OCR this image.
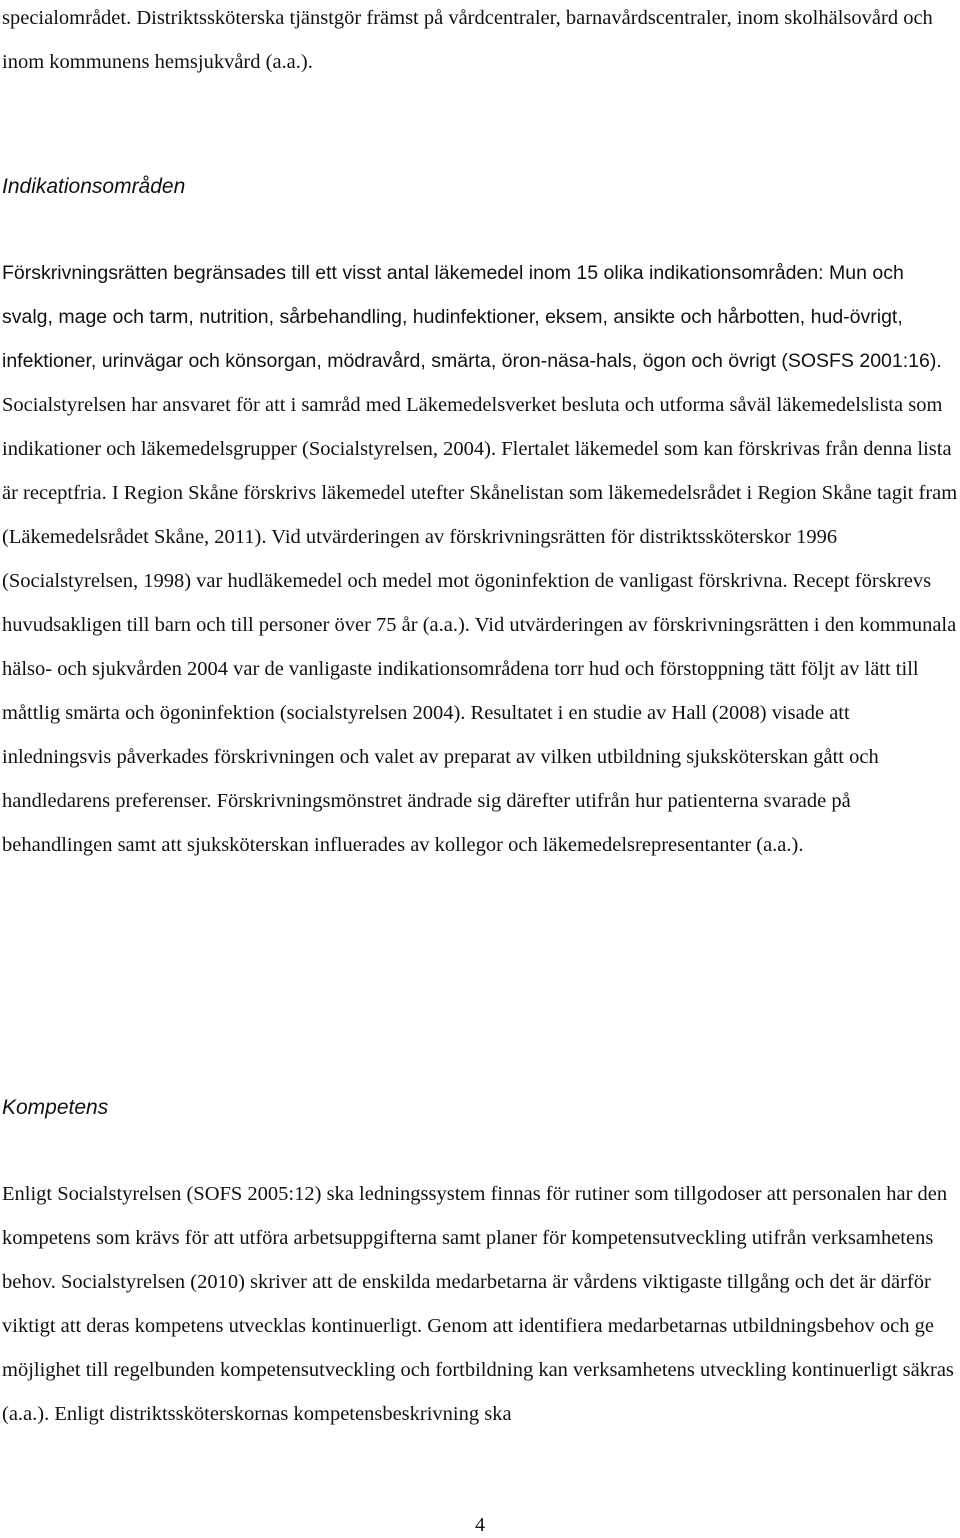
specialområdet. Distriktssköterska tjänstgör främst på vårdcentraler, barnavårdscentraler, inom skolhälsovård och inom kommunens hemsjukvård (a.a.).

Indikationsområden

Förskrivningsrätten begränsades till ett visst antal läkemedel inom 15 olika indikationsområden: Mun och svalg, mage och tarm, nutrition, sårbehandling, hudinfektioner, eksem, ansikte och hårbotten, hud-övrigt, infektioner, urinvägar och könsorgan, mödravård, smärta, öron-näsa-hals, ögon och övrigt (SOSFS 2001:16). Socialstyrelsen har ansvaret för att i samråd med Läkemedelsverket besluta och utforma såväl läkemedelslista som indikationer och läkemedelsgrupper (Socialstyrelsen, 2004). Flertalet läkemedel som kan förskrivas från denna lista är receptfria. I Region Skåne förskrivs läkemedel utefter Skånelistan som läkemedelsrådet i Region Skåne tagit fram (Läkemedelsrådet Skåne, 2011). Vid utvärderingen av förskrivningsrätten för distriktssköterskor 1996 (Socialstyrelsen, 1998) var hudläkemedel och medel mot ögoninfektion de vanligast förskrivna. Recept förskrevs huvudsakligen till barn och till personer över 75 år (a.a.). Vid utvärderingen av förskrivningsrätten i den kommunala hälso- och sjukvården 2004 var de vanligaste indikationsområdena torr hud och förstoppning tätt följt av lätt till måttlig smärta och ögoninfektion (socialstyrelsen 2004). Resultatet i en studie av Hall (2008) visade att inledningsvis påverkades förskrivningen och valet av preparat av vilken utbildning sjuksköterskan gått och handledarens preferenser. Förskrivningsmönstret ändrade sig därefter utifrån hur patienterna svarade på behandlingen samt att sjuksköterskan influerades av kollegor och läkemedelsrepresentanter (a.a.).

Kompetens

Enligt Socialstyrelsen (SOFS 2005:12) ska ledningssystem finnas för rutiner som tillgodoser att personalen har den kompetens som krävs för att utföra arbetsuppgifterna samt planer för kompetensutveckling utifrån verksamhetens behov. Socialstyrelsen (2010) skriver att de enskilda medarbetarna är vårdens viktigaste tillgång och det är därför viktigt att deras kompetens utvecklas kontinuerligt. Genom att identifiera medarbetarnas utbildningsbehov och ge möjlighet till regelbunden kompetensutveckling och fortbildning kan verksamhetens utveckling kontinuerligt säkras (a.a.). Enligt distriktssköterskornas kompetensbeskrivning ska

4
